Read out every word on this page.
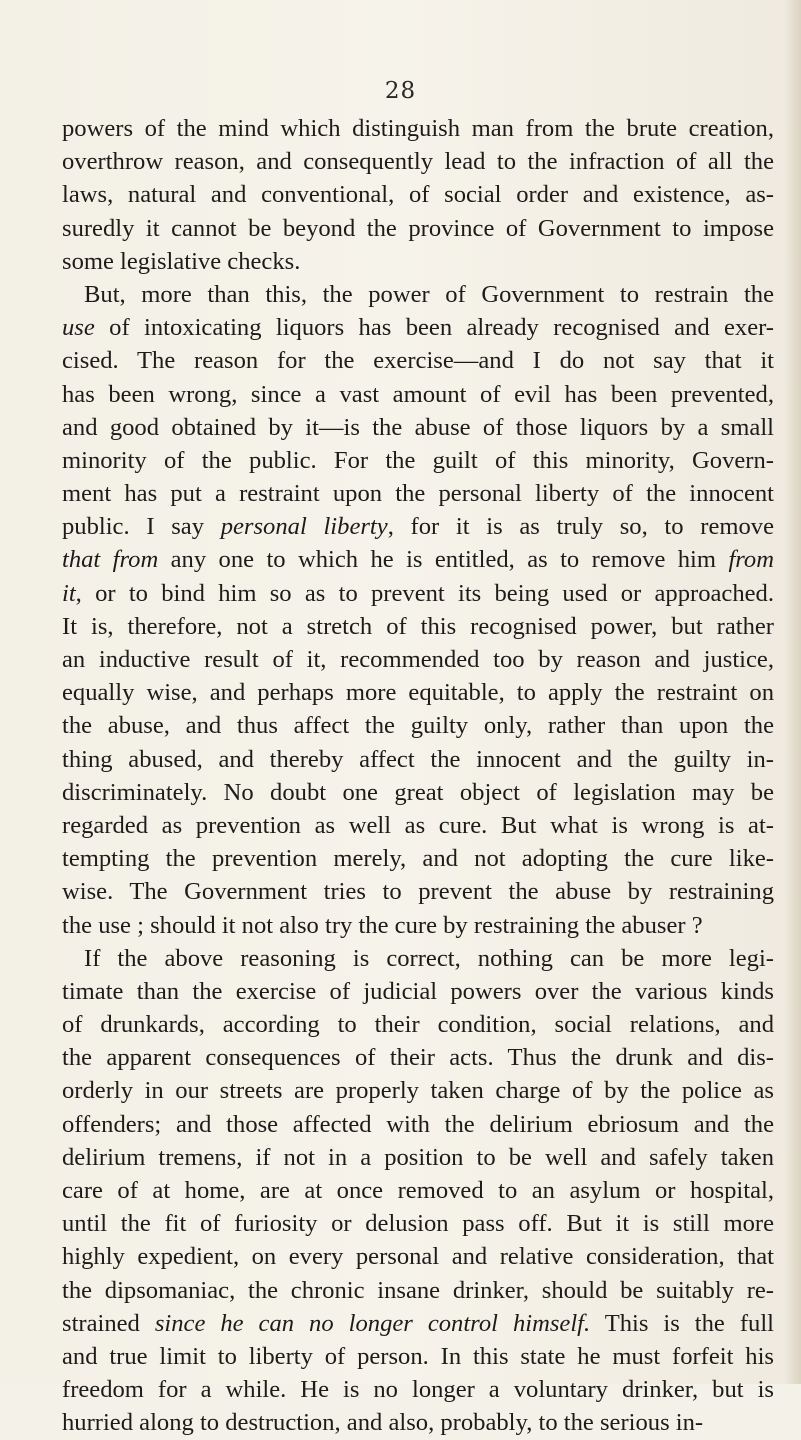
28
powers of the mind which distinguish man from the brute creation,
overthrow reason, and consequently lead to the infraction of all the
laws, natural and conventional, of social order and existence, as-
suredly it cannot be beyond the province of Government to impose
some legislative checks.
But, more than this, the power of Government to restrain the
use of intoxicating liquors has been already recognised and exer-
cised. The reason for the exercise—and I do not say that it
has been wrong, since a vast amount of evil has been prevented,
and good obtained by it—is the abuse of those liquors by a small
minority of the public. For the guilt of this minority, Govern-
ment has put a restraint upon the personal liberty of the innocent
public. I say personal liberty, for it is as truly so, to remove
that from any one to which he is entitled, as to remove him from
it, or to bind him so as to prevent its being used or approached.
It is, therefore, not a stretch of this recognised power, but rather
an inductive result of it, recommended too by reason and justice,
equally wise, and perhaps more equitable, to apply the restraint on
the abuse, and thus affect the guilty only, rather than upon the
thing abused, and thereby affect the innocent and the guilty in-
discriminately. No doubt one great object of legislation may be
regarded as prevention as well as cure. But what is wrong is at-
tempting the prevention merely, and not adopting the cure like-
wise. The Government tries to prevent the abuse by restraining
the use ; should it not also try the cure by restraining the abuser ?
If the above reasoning is correct, nothing can be more legi-
timate than the exercise of judicial powers over the various kinds
of drunkards, according to their condition, social relations, and
the apparent consequences of their acts. Thus the drunk and dis-
orderly in our streets are properly taken charge of by the police as
offenders; and those affected with the delirium ebriosum and the
delirium tremens, if not in a position to be well and safely taken
care of at home, are at once removed to an asylum or hospital,
until the fit of furiosity or delusion pass off. But it is still more
highly expedient, on every personal and relative consideration, that
the dipsomaniac, the chronic insane drinker, should be suitably re-
strained since he can no longer control himself. This is the full
and true limit to liberty of person. In this state he must forfeit his
freedom for a while. He is no longer a voluntary drinker, but is
hurried along to destruction, and also, probably, to the serious in-
